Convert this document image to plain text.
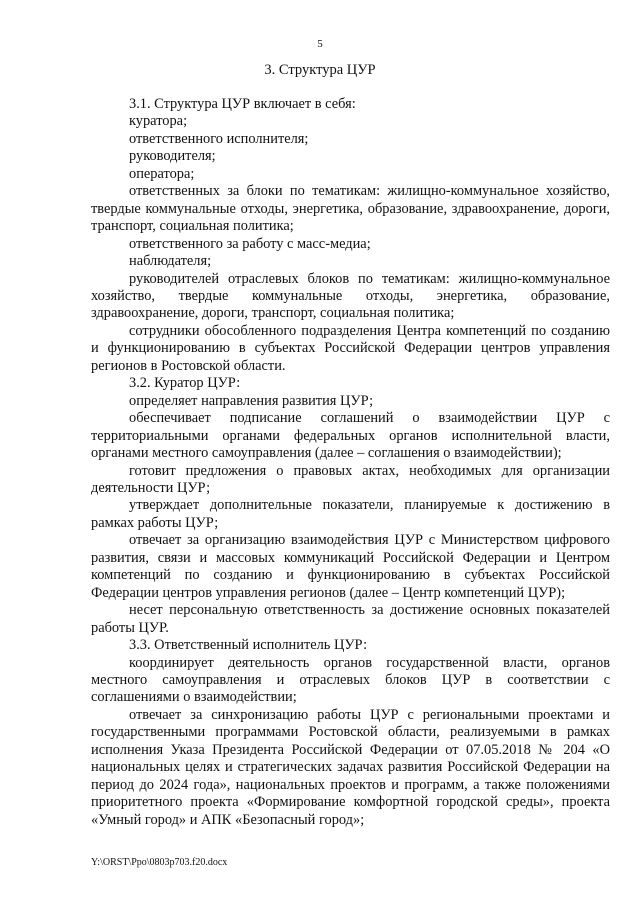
5
3. Структура ЦУР

3.1. Структура ЦУР включает в себя:

куратора;

ответственного исполнителя;

руководителя;

оператора;

ответственных за блоки по тематикам: жилищно-коммунальное хозяйство, твердые коммунальные отходы, энергетика, образование, здравоохранение, дороги, транспорт, социальная политика;

ответственного за работу с масс-медиа;

наблюдателя;

руководителей отраслевых блоков по тематикам: жилищно-коммунальное хозяйство, твердые коммунальные отходы, энергетика, образование, здравоохранение, дороги, транспорт, социальная политика;

сотрудники обособленного подразделения Центра компетенций по созданию и функционированию в субъектах Российской Федерации центров управления регионов в Ростовской области.

3.2. Куратор ЦУР:

определяет направления развития ЦУР;

обеспечивает подписание соглашений о взаимодействии ЦУР с территориальными органами федеральных органов исполнительной власти, органами местного самоуправления (далее – соглашения о взаимодействии);

готовит предложения о правовых актах, необходимых для организации деятельности ЦУР;

утверждает дополнительные показатели, планируемые к достижению в рамках работы ЦУР;

отвечает за организацию взаимодействия ЦУР с Министерством цифрового развития, связи и массовых коммуникаций Российской Федерации и Центром компетенций по созданию и функционированию в субъектах Российской Федерации центров управления регионов (далее – Центр компетенций ЦУР);

несет персональную ответственность за достижение основных показателей работы ЦУР.

3.3. Ответственный исполнитель ЦУР:

координирует деятельность органов государственной власти, органов местного самоуправления и отраслевых блоков ЦУР в соответствии с соглашениями о взаимодействии;

отвечает за синхронизацию работы ЦУР с региональными проектами и государственными программами Ростовской области, реализуемыми в рамках исполнения Указа Президента Российской Федерации от 07.05.2018 № 204 «О национальных целях и стратегических задачах развития Российской Федерации на период до 2024 года», национальных проектов и программ, а также положениями приоритетного проекта «Формирование комфортной городской среды», проекта «Умный город» и АПК «Безопасный город»;

Y:\ORST\Ppo\0803p703.f20.docx
